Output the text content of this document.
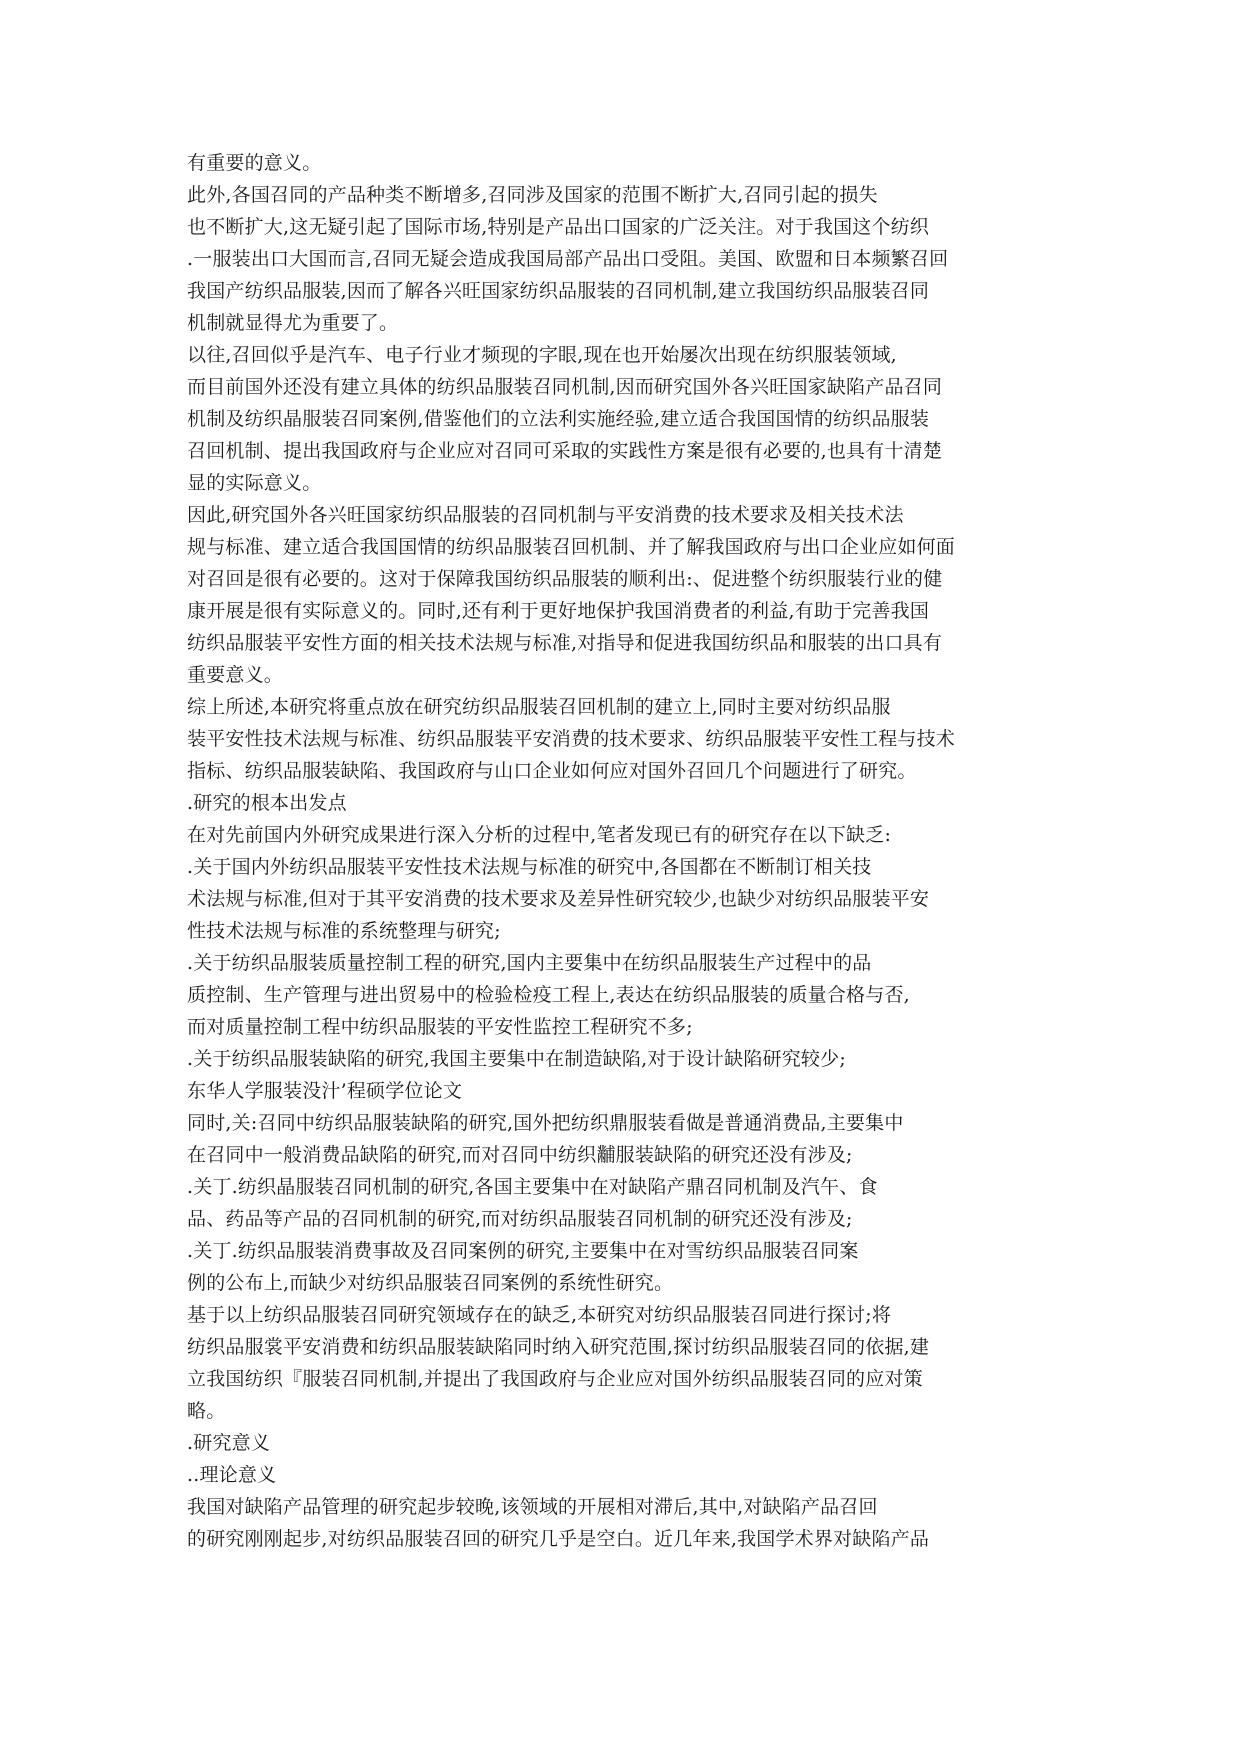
有重要的意义。
此外,各国召同的产品种类不断增多,召同涉及国家的范围不断扩大,召同引起的损失
也不断扩大,这无疑引起了国际市场,特别是产品出口国家的广泛关注。对于我国这个纺织
.一服装出口大国而言,召同无疑会造成我国局部产品出口受阻。美国、欧盟和日本频繁召回
我国产纺织品服装,因而了解各兴旺国家纺织品服装的召同机制,建立我国纺织品服装召同
机制就显得尤为重要了。
以往,召回似乎是汽车、电子行业才频现的字眼,现在也开始屡次出现在纺织服装领域,
而目前国外还没有建立具体的纺织品服装召同机制,因而研究国外各兴旺国家缺陷产品召同
机制及纺织晶服装召同案例,借鉴他们的立法利实施经验,建立适合我国国情的纺织品服装
召回机制、提出我国政府与企业应对召同可采取的实践性方案是很有必要的,也具有十清楚
显的实际意义。
因此,研究国外各兴旺国家纺织品服装的召同机制与平安消费的技术要求及相关技术法
规与标准、建立适合我国国情的纺织品服装召回机制、并了解我国政府与出口企业应如何面
对召回是很有必要的。这对于保障我国纺织品服装的顺利出:、促进整个纺织服装行业的健
康开展是很有实际意义的。同时,还有利于更好地保护我国消费者的利益,有助于完善我国
纺织品服装平安性方面的相关技术法规与标准,对指导和促进我国纺织品和服装的出口具有
重要意义。
综上所述,本研究将重点放在研究纺织品服装召回机制的建立上,同时主要对纺织品服
装平安性技术法规与标准、纺织品服装平安消费的技术要求、纺织品服装平安性工程与技术
指标、纺织品服装缺陷、我国政府与山口企业如何应对国外召回几个问题进行了研究。
.研究的根本出发点
在对先前国内外研究成果进行深入分析的过程中,笔者发现已有的研究存在以下缺乏:
.关于国内外纺织品服装平安性技术法规与标准的研究中,各国都在不断制订相关技
术法规与标准,但对于其平安消费的技术要求及差异性研究较少,也缺少对纺织品服装平安
性技术法规与标准的系统整理与研究;
.关于纺织品服装质量控制工程的研究,国内主要集中在纺织品服装生产过程中的品
质控制、生产管理与进出贸易中的检验检疫工程上,表达在纺织品服装的质量合格与否,
而对质量控制工程中纺织品服装的平安性监控工程研究不多;
.关于纺织品服装缺陷的研究,我国主要集中在制造缺陷,对于设计缺陷研究较少;
东华人学服装没汁’程硕学位论文
同时,关:召同中纺织品服装缺陷的研究,国外把纺织鼎服装看做是普通消费品,主要集中
在召同中一般消费品缺陷的研究,而对召同中纺织黼服装缺陷的研究还没有涉及;
.关丁.纺织晶服装召同机制的研究,各国主要集中在对缺陷产鼎召同机制及汽午、食
品、药品等产品的召同机制的研究,而对纺织品服装召同机制的研究还没有涉及;
.关丁.纺织品服装消费事故及召同案例的研究,主要集中在对雪纺织品服装召同案
例的公布上,而缺少对纺织品服装召同案例的系统性研究。
基于以上纺织品服装召同研究领域存在的缺乏,本研究对纺织品服装召同进行探讨;将
纺织品服裳平安消费和纺织品服装缺陷同时纳入研究范围,探讨纺织品服装召同的依据,建
立我国纺织『服装召同机制,并提出了我国政府与企业应对国外纺织品服装召同的应对策
略。
.研究意义
..理论意义
我国对缺陷产品管理的研究起步较晚,该领域的开展相对滞后,其中,对缺陷产品召回
的研究刚刚起步,对纺织品服装召回的研究几乎是空白。近几年来,我国学术界对缺陷产品
